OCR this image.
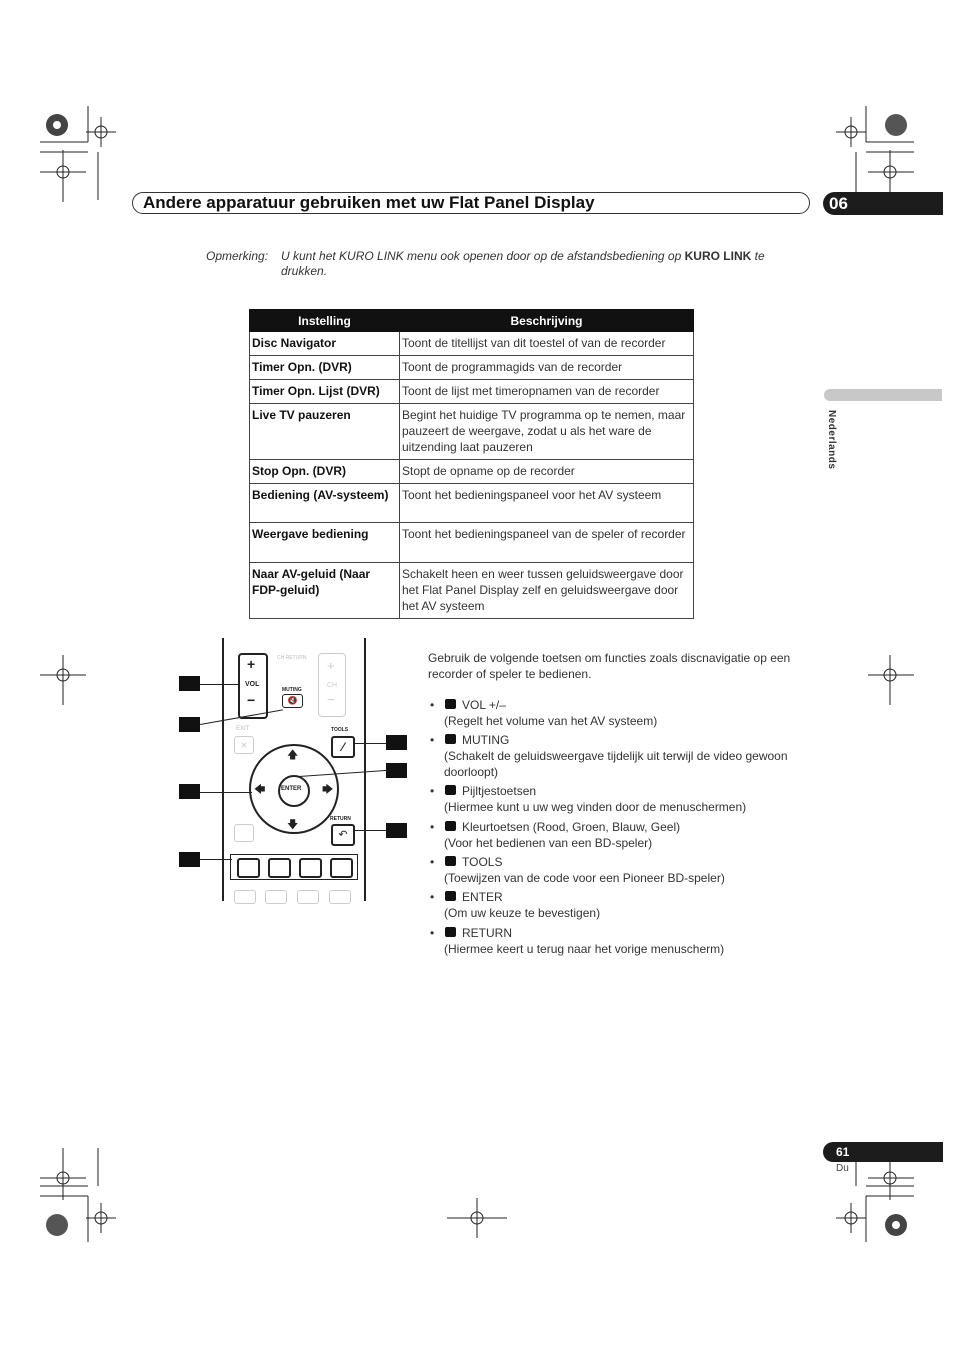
Andere apparatuur gebruiken met uw Flat Panel Display	06
Opmerking: U kunt het KURO LINK menu ook openen door op de afstandsbediening op KURO LINK te
drukken.
Instelling	Beschrijving
Disc Navigator	Toont de titellijst van dit toestel of van de recorder
Timer Opn. (DVR)	Toont de programmagids van de recorder
Timer Opn. Lijst (DVR)	Toont de lijst met timeropnamen van de recorder
Live TV pauzeren	Begint het huidige TV programma op te nemen, maar pauzeert de weergave, zodat u als het ware de uitzending laat pauzeren
Stop Opn. (DVR)	Stopt de opname op de recorder
Bediening (AV-systeem)	Toont het bedieningspaneel voor het AV systeem
Weergave bediening	Toont het bedieningspaneel van de speler of recorder
Naar AV-geluid (Naar FDP-geluid)	Schakelt heen en weer tussen geluidsweergave door het Flat Panel Display zelf en geluidsweergave door het AV systeem
Nederlands
+
VOL
−
CH RETURN +
CH
−
MUTING
🔇
EXIT
×
TOOLS
⁄
🡅
🡇
🡄	🡆
ENTER
RETURN
↶
Gebruik de volgende toetsen om functies zoals discnavigatie op een recorder of speler te bedienen.
• VOL +/–
(Regelt het volume van het AV systeem)
• MUTING
(Schakelt de geluidsweergave tijdelijk uit terwijl de video gewoon doorloopt)
• Pijltjestoetsen
(Hiermee kunt u uw weg vinden door de menuschermen)
• Kleurtoetsen (Rood, Groen, Blauw, Geel)
(Voor het bedienen van een BD-speler)
• TOOLS
(Toewijzen van de code voor een Pioneer BD-speler)
• ENTER
(Om uw keuze te bevestigen)
• RETURN
(Hiermee keert u terug naar het vorige menuscherm)
61
Du
